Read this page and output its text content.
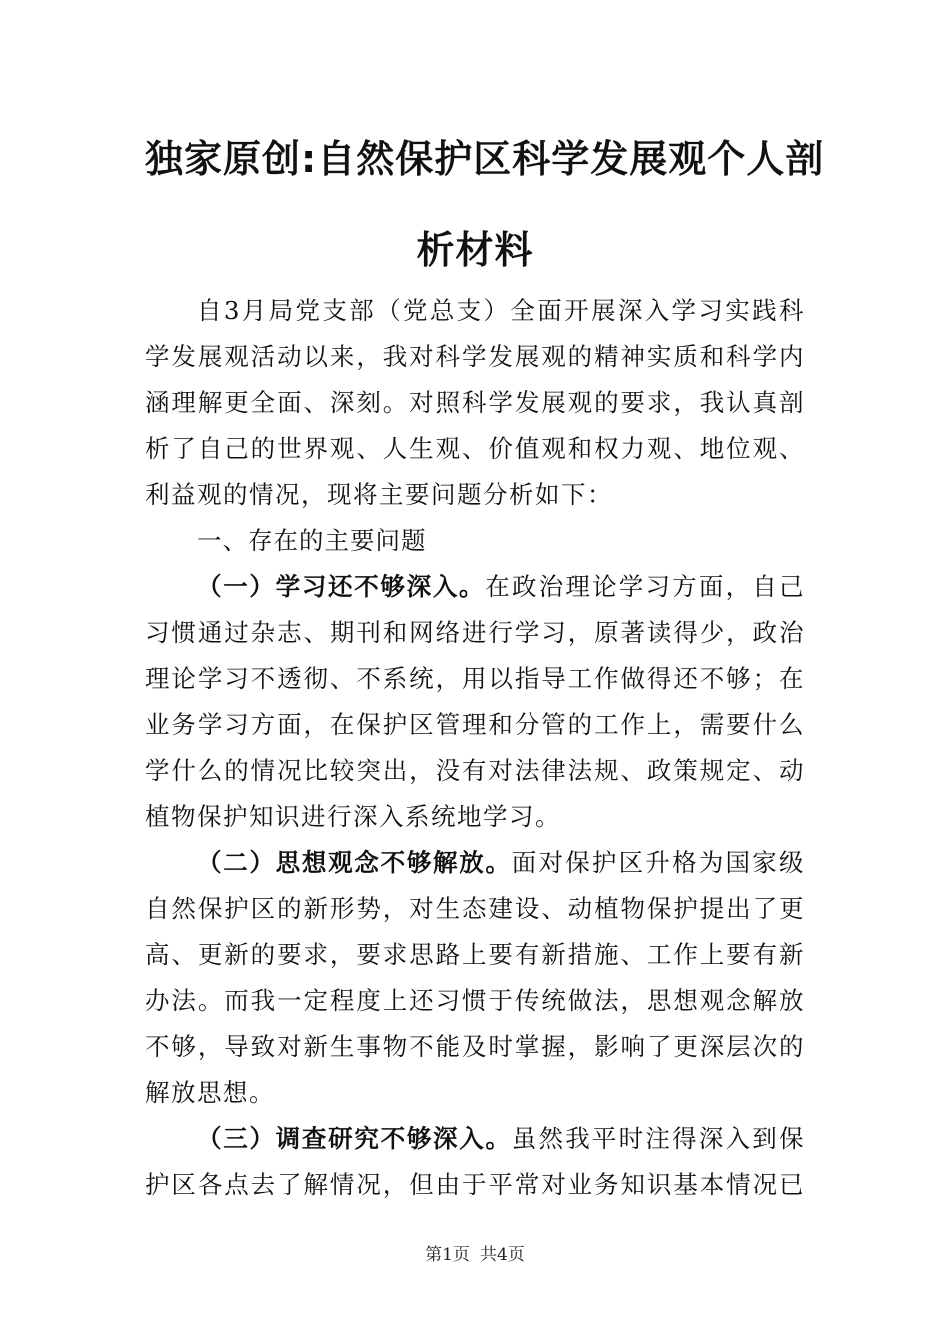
独家原创:自然保护区科学发展观个人剖
析材料
自3月局党支部（党总支）全面开展深入学习实践科
学发展观活动以来，我对科学发展观的精神实质和科学内
涵理解更全面、深刻。对照科学发展观的要求，我认真剖
析了自己的世界观、人生观、价值观和权力观、地位观、
利益观的情况，现将主要问题分析如下：
一、存在的主要问题
（一）学习还不够深入。在政治理论学习方面，自己
习惯通过杂志、期刊和网络进行学习，原著读得少，政治
理论学习不透彻、不系统，用以指导工作做得还不够；在
业务学习方面，在保护区管理和分管的工作上，需要什么
学什么的情况比较突出，没有对法律法规、政策规定、动
植物保护知识进行深入系统地学习。
（二）思想观念不够解放。面对保护区升格为国家级
自然保护区的新形势，对生态建设、动植物保护提出了更
高、更新的要求，要求思路上要有新措施、工作上要有新
办法。而我一定程度上还习惯于传统做法，思想观念解放
不够，导致对新生事物不能及时掌握，影响了更深层次的
解放思想。
（三）调查研究不够深入。虽然我平时注得深入到保
护区各点去了解情况，但由于平常对业务知识基本情况已
第1页 共4页
